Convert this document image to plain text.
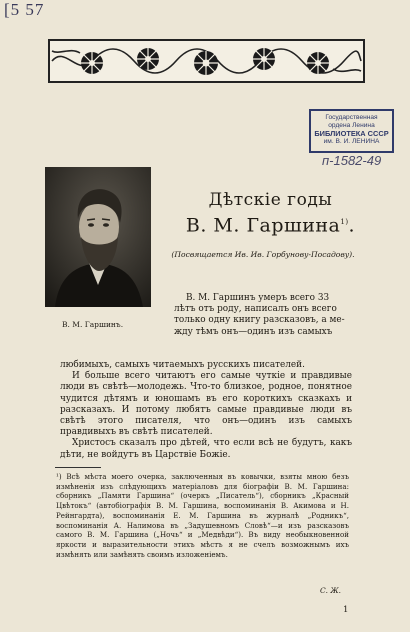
[5 57
Государственная
ордена Ленина
БИБЛИОТЕКА СССР
им. В. И. ЛЕНИНА
п-1582-49
В. М. Гаршинъ.
Дѣтскіе годы
В. М. Гаршина$^{1)}$.
(Посвящается Ив. Ив. Горбунову-Посадову).
В. М. Гаршинъ умеръ всего 33
лѣтъ отъ роду, написалъ онъ всего
только одну книгу разсказовъ, а ме-
жду тѣмъ онъ—одинъ изъ самыхъ

любимыхъ, самыхъ читаемыхъ русскихъ писателей.

И больше всего читаютъ его самые чуткіе и правдивые люди въ свѣтѣ—молодежь. Что-то близкое, родное, понятное чудится дѣтямъ и юношамъ въ его короткихъ сказкахъ и разсказахъ. И потому любятъ самые правдивые люди въ свѣтѣ этого писателя, что онъ—одинъ изъ самыхъ правдивыхъ въ свѣтѣ писателей.

Христосъ сказалъ про дѣтей, что если всѣ не будутъ, какъ дѣти, не войдутъ въ Царствіе Божіе.

¹) Всѣ мѣста моего очерка, заключенныя въ ковычки, взяты мною безъ измѣненія изъ слѣдующихъ матеріаловъ для біографіи В. М. Гаршина: сборникъ „Памяти Гаршина“ (очеркъ „Писатель“), сборникъ „Красный Цвѣтокъ“ (автобіографія В. М. Гаршина, воспоминанія В. Акимова и Н. Рейнгардта), воспоминанія Е. М. Гаршина въ журналѣ „Родникъ“, воспоминанія А. Налимова въ „Задушевномъ Словѣ“—и изъ разсказовъ самого В. М. Гаршина („Ночь“ и „Медвѣди“). Въ виду необыкновенной яркости и выразительности этихъ мѣстъ я не счелъ возможнымъ ихъ измѣнять или замѣнять своимъ изложеніемъ.
С. Ж.
1
